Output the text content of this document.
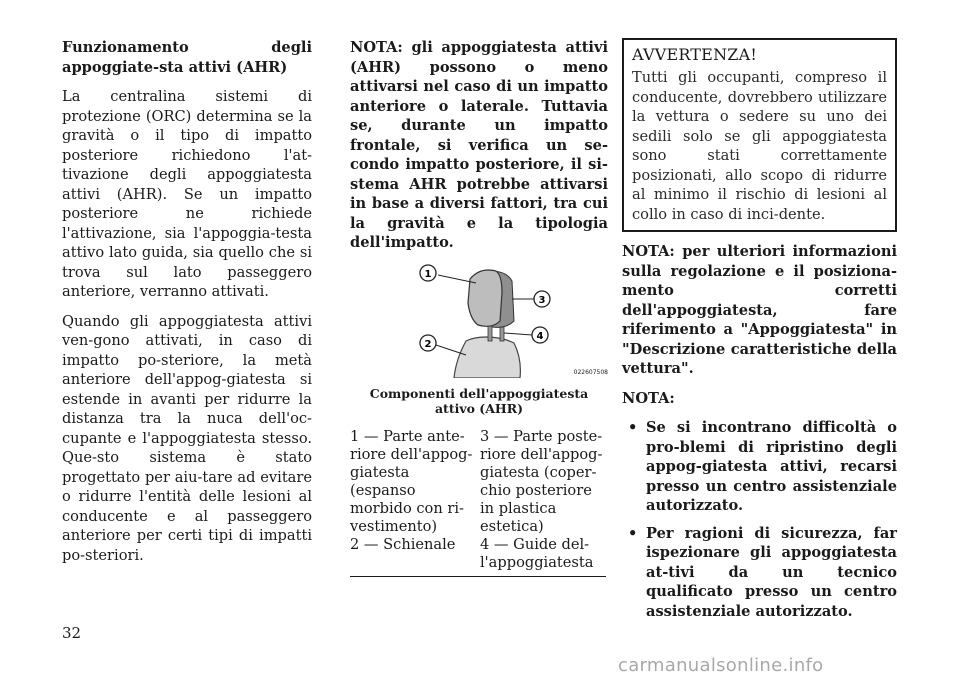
Funzionamento degli appoggiate-sta attivi (AHR)

La centralina sistemi di protezione (ORC) determina se la gravità o il tipo di impatto posteriore richiedono l'at-tivazione degli appoggiatesta attivi (AHR). Se un impatto posteriore ne richiede l'attivazione, sia l'appoggia-testa attivo lato guida, sia quello che si trova sul lato passeggero anteriore, verranno attivati.

Quando gli appoggiatesta attivi ven-gono attivati, in caso di impatto po-steriore, la metà anteriore dell'appog-giatesta si estende in avanti per ridurre la distanza tra la nuca dell'oc-cupante e l'appoggiatesta stesso. Que-sto sistema è stato progettato per aiu-tare ad evitare o ridurre l'entità delle lesioni al conducente e al passeggero anteriore per certi tipi di impatti po-steriori.

NOTA: gli appoggiatesta attivi (AHR) possono o meno attivarsi nel caso di un impatto anteriore o laterale. Tuttavia se, durante un impatto frontale, si verifica un se-condo impatto posteriore, il si-stema AHR potrebbe attivarsi in base a diversi fattori, tra cui la gravità e la tipologia dell'impatto.

1
2
3
4
022607508
Componenti dell'appoggiatesta attivo (AHR)
1 — Parte ante-riore dell'appog-giatesta (espanso morbido con ri-vestimento)
3 — Parte poste-riore dell'appog-giatesta (coper-chio posteriore in plastica estetica)
2 — Schienale	4 — Guide del-l'appoggiatesta

AVVERTENZA!

Tutti gli occupanti, compreso il conducente, dovrebbero utilizzare la vettura o sedere su uno dei sedili solo se gli appoggiatesta sono stati correttamente posizionati, allo scopo di ridurre al minimo il rischio di lesioni al collo in caso di inci-dente.

NOTA: per ulteriori informazioni sulla regolazione e il posiziona-mento corretti dell'appoggiatesta, fare riferimento a "Appoggiatesta" in "Descrizione caratteristiche della vettura".

NOTA:

• Se si incontrano difficoltà o pro-blemi di ripristino degli appog-giatesta attivi, recarsi presso un centro assistenziale autorizzato.
• Per ragioni di sicurezza, far ispezionare gli appoggiatesta at-tivi da un tecnico qualificato presso un centro assistenziale autorizzato.
32
carmanualsonline.info
